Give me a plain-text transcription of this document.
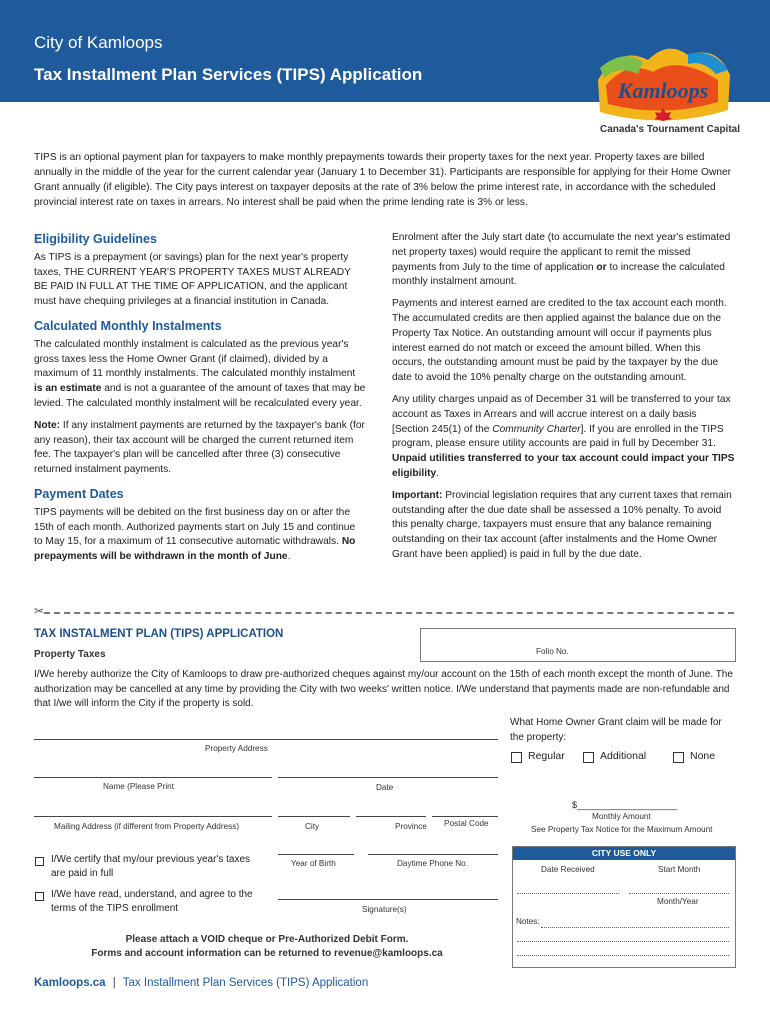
City of Kamloops
Tax Installment Plan Services (TIPS) Application
Kamloops
Canada's Tournament Capital
TIPS is an optional payment plan for taxpayers to make monthly prepayments towards their property taxes for the next year. Property taxes are billed annually in the middle of the year for the current calendar year (January 1 to December 31). Participants are responsible for applying for their Home Owner Grant annually (if eligible). The City pays interest on taxpayer deposits at the rate of 3% below the prime interest rate, in accordance with the scheduled provincial interest rate on taxes in arrears. No interest shall be paid when the prime lending rate is 3% or less.
Eligibility Guidelines
As TIPS is a prepayment (or savings) plan for the next year's property taxes, THE CURRENT YEAR'S PROPERTY TAXES MUST ALREADY BE PAID IN FULL AT THE TIME OF APPLICATION, and the applicant must have chequing privileges at a financial institution in Canada.
Calculated Monthly Instalments
The calculated monthly instalment is calculated as the previous year's gross taxes less the Home Owner Grant (if claimed), divided by a maximum of 11 monthly instalments. The calculated monthly instalment is an estimate and is not a guarantee of the amount of taxes that may be levied. The calculated monthly instalment will be recalculated every year.
Note: If any instalment payments are returned by the taxpayer's bank (for any reason), their tax account will be charged the current returned item fee. The taxpayer's plan will be cancelled after three (3) consecutive returned instalment payments.
Payment Dates
TIPS payments will be debited on the first business day on or after the 15th of each month. Authorized payments start on July 15 and continue to May 15, for a maximum of 11 consecutive automatic withdrawals. No prepayments will be withdrawn in the month of June.
Enrolment after the July start date (to accumulate the next year's estimated net property taxes) would require the applicant to remit the missed payments from July to the time of application or to increase the calculated monthly instalment amount.
Payments and interest earned are credited to the tax account each month. The accumulated credits are then applied against the balance due on the Property Tax Notice. An outstanding amount will occur if payments plus interest earned do not match or exceed the amount billed. When this occurs, the outstanding amount must be paid by the taxpayer by the due date to avoid the 10% penalty charge on the outstanding amount.
Any utility charges unpaid as of December 31 will be transferred to your tax account as Taxes in Arrears and will accrue interest on a daily basis [Section 245(1) of the Community Charter]. If you are enrolled in the TIPS program, please ensure utility accounts are paid in full by December 31. Unpaid utilities transferred to your tax account could impact your TIPS eligibility.
Important: Provincial legislation requires that any current taxes that remain outstanding after the due date shall be assessed a 10% penalty. To avoid this penalty charge, taxpayers must ensure that any balance remaining outstanding on their tax account (after instalments and the Home Owner Grant have been applied) is paid in full by the due date.
✂
TAX INSTALMENT PLAN (TIPS) APPLICATION
Property Taxes	Folio No.
I/We hereby authorize the City of Kamloops to draw pre-authorized cheques against my/our account on the 15th of each month except the month of June. The authorization may be cancelled at any time by providing the City with two weeks' written notice. I/We understand that payments made are non-refundable and that I/we will inform the City if the property is sold.
What Home Owner Grant claim will be made for the property:
Regular	Additional	None
Property Address
Name (Please Print	Date
Mailing Address (if different from Property Address)	City	Province Postal Code
$____________________
Monthly Amount
See Property Tax Notice for the Maximum Amount
I/We certify that my/our previous year's taxes are paid in full
I/We have read, understand, and agree to the terms of the TIPS enrollment
Year of Birth	Daytime Phone No.
Signature(s)
CITY USE ONLY
Date Received	Start Month
Month/Year
Notes:
Please attach a VOID cheque or Pre-Authorized Debit Form.
Forms and account information can be returned to revenue@kamloops.ca
Kamloops.ca | Tax Installment Plan Services (TIPS) Application
